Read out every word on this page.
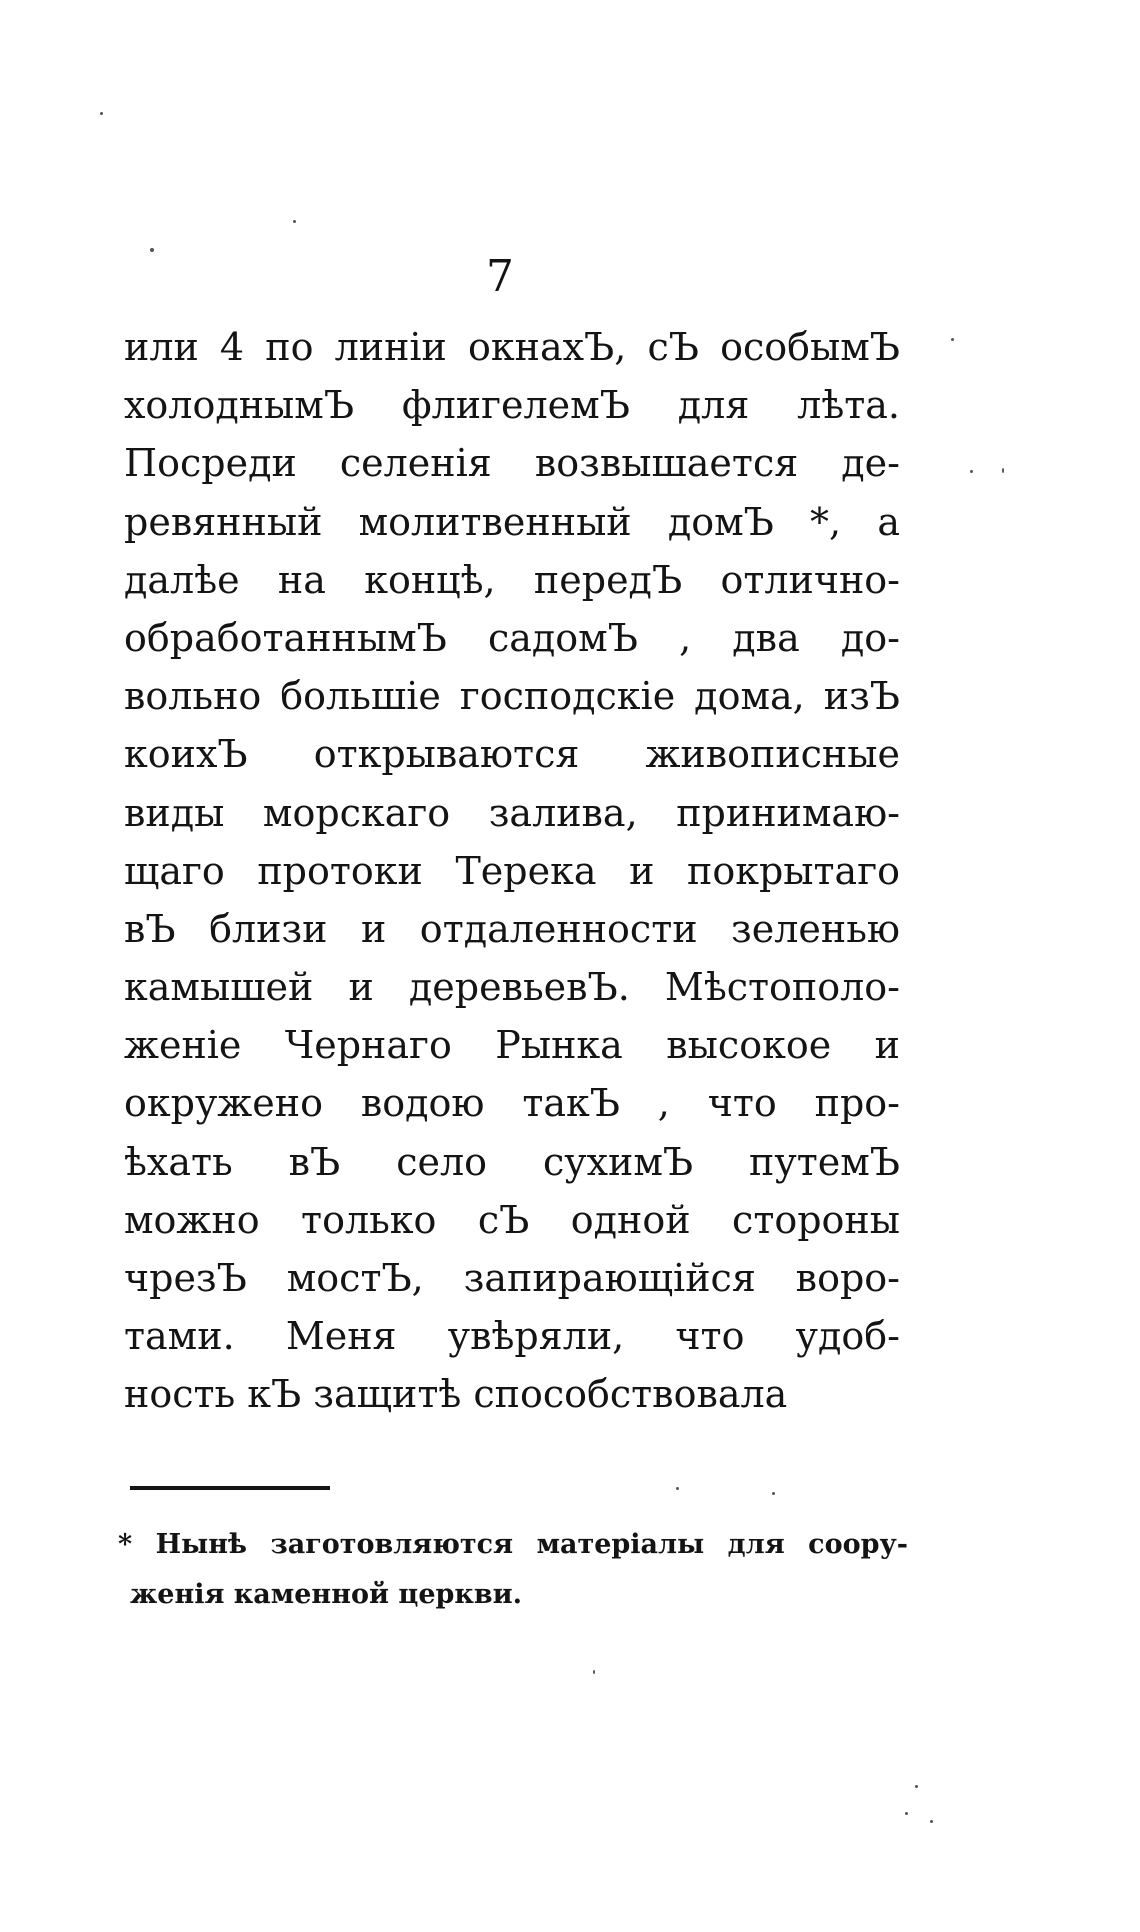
7
или 4 по линiи окнахЪ, сЪ особымЪ
холоднымЪ флигелемЪ для лѣта.
Посреди селенiя возвышается де-
ревянный молитвенный домЪ *, а
далѣе на концѣ, передЪ отлично-
обработаннымЪ садомЪ , два до-
вольно большiе господскiе дома, изЪ
коихЪ открываются живописные
виды морскаго залива, принимаю-
щаго протоки Терека и покрытаго
вЪ близи и отдаленности зеленью
камышей и деревьевЪ. Мѣстополо-
женiе Чернаго Рынка высокое и
окружено водою такЪ , что про-
ѣхать вЪ село сухимЪ путемЪ
можно только сЪ одной стороны
чрезЪ мостЪ, запирающiйся воро-
тами. Меня увѣряли, что удоб-
ность кЪ защитѣ способствовала
* Нынѣ заготовляются матерiалы для соору-
женiя каменной церкви.
